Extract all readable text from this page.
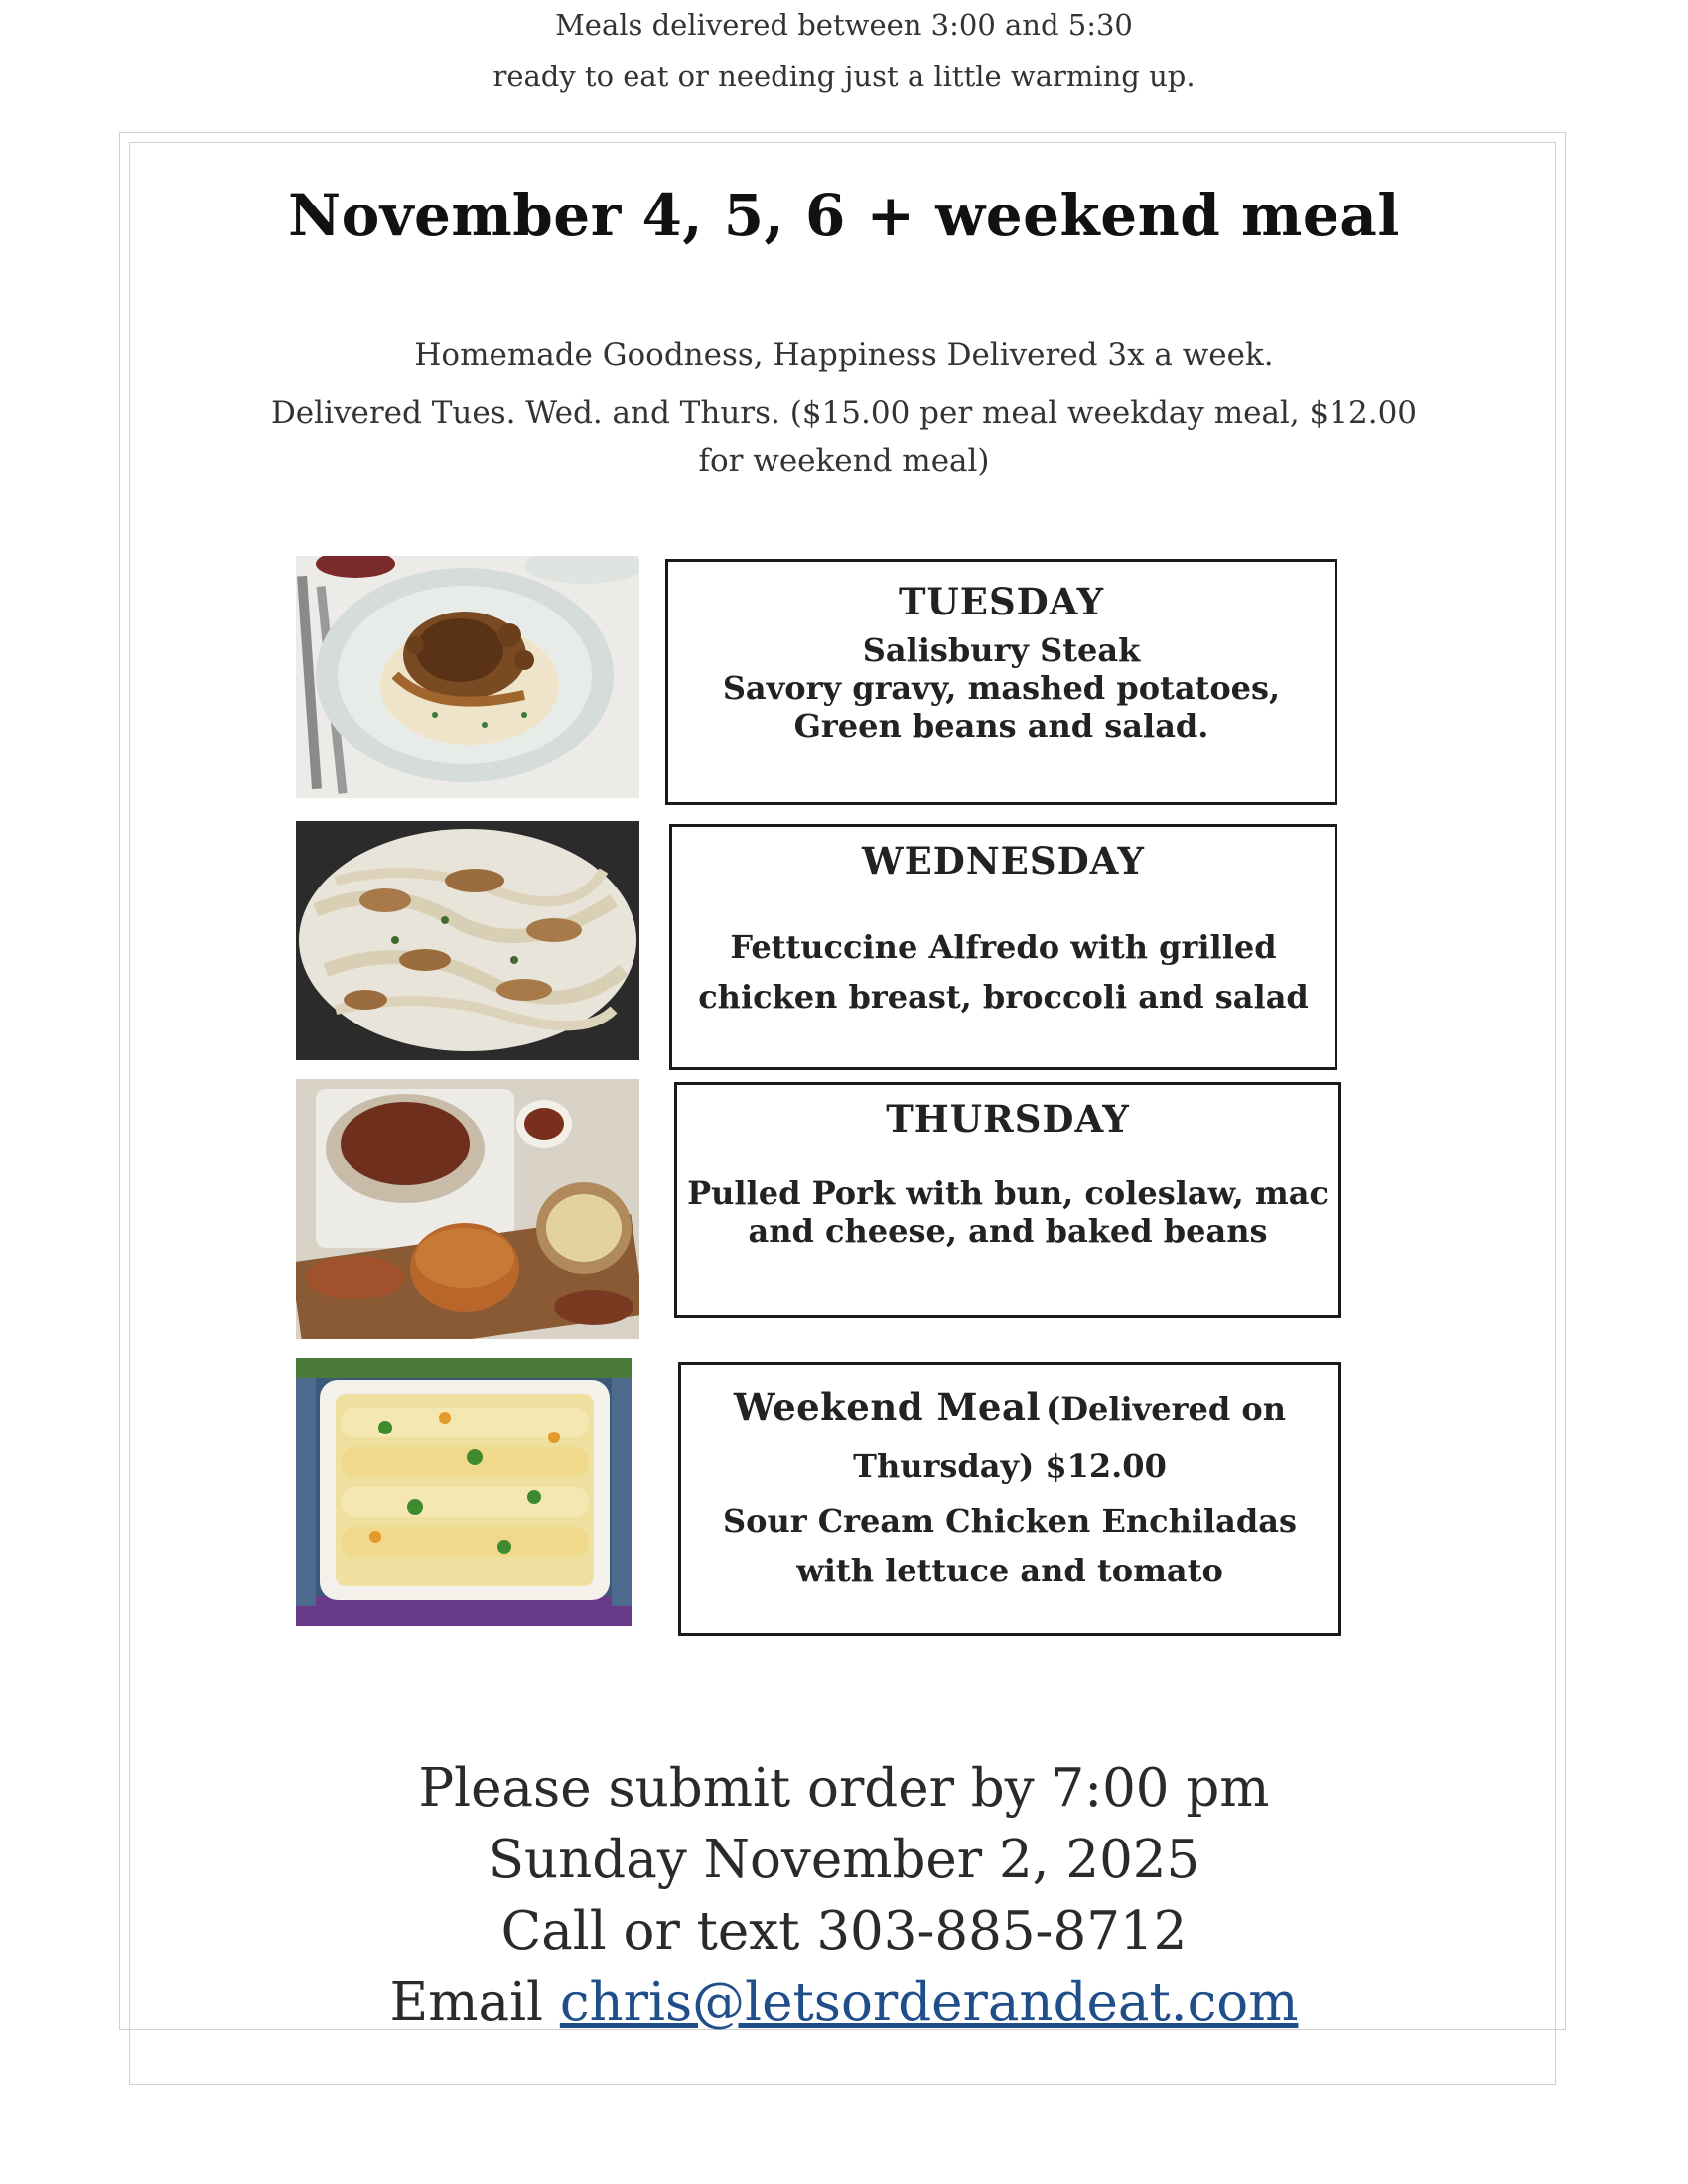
Meals delivered between 3:00 and 5:30
ready to eat or needing just a little warming up.
November 4, 5, 6 + weekend meal
Homemade Goodness, Happiness Delivered 3x a week.
Delivered Tues. Wed. and Thurs. ($15.00 per meal weekday meal, $12.00
for weekend meal)
TUESDAY
Salisbury Steak
Savory gravy, mashed potatoes,
Green beans and salad.
WEDNESDAY
Fettuccine Alfredo with grilled
chicken breast, broccoli and salad
THURSDAY
Pulled Pork with bun, coleslaw, mac
and cheese, and baked beans
Weekend Meal (Delivered on
Thursday) $12.00
Sour Cream Chicken Enchiladas
with lettuce and tomato
Please submit order by 7:00 pm
Sunday November 2, 2025
Call or text 303-885-8712
Email chris@letsorderandeat.com
